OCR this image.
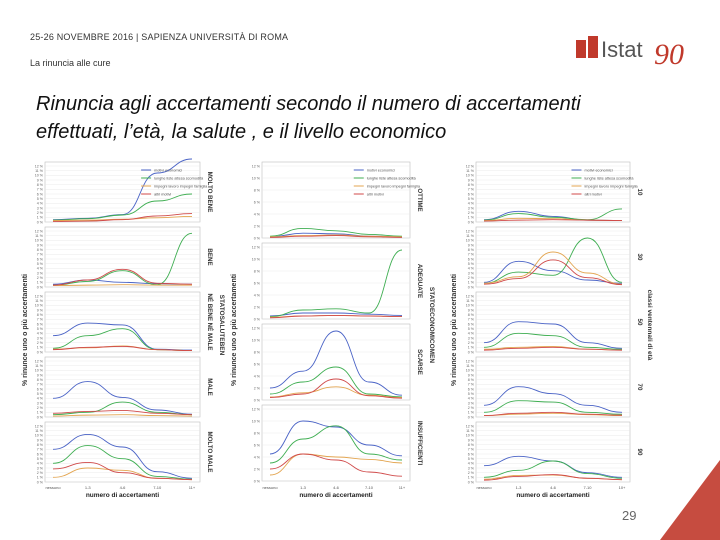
25-26 NOVEMBRE 2016 | SAPIENZA UNIVERSITÀ DI ROMA
La rinuncia alle cure
Istat 90
Rinuncia agli accertamenti secondo il numero di accertamenti
effettuati, l’età, la salute , e il livello economico
0 %
1 %
2 %
3 %
4 %
5 %
6 %
7 %
8 %
9 %
10 %
11 %
12 %
MOLTO BENE
motivi economici
lunghe liste attesa scomodità
impegni lavoro impegni famiglia
altri motivi
0 %
1 %
2 %
3 %
4 %
5 %
6 %
7 %
8 %
9 %
10 %
11 %
12 %
BENE
0 %
1 %
2 %
3 %
4 %
5 %
6 %
7 %
8 %
9 %
10 %
11 %
12 %	NÉ BENE NÉ MALE
0 %
1 %
2 %
3 %
4 %
5 %
6 %
7 %
8 %
9 %
10 %
11 %
12 %
MALE
0 %
1 %
2 %
3 %
4 %
5 %
6 %
7 %
8 %
9 %
10 %
11 %
12 %
MOLTO MALE
nessuno	1-3	4-6	7-10	11+
numero di accertamenti
% rinunce uno o più accertamenti	STATOSALUTEBEN
0 %
2 %
4 %
6 %
8 %
10 %
12 %
OTTIME
motivi economici
lunghe liste attesa scomodità
impegni lavoro impegni famiglia
altri motivi
0 %
2 %
4 %
6 %
8 %
10 %
12 %
ADEGUATE
0 %
2 %
4 %
6 %
8 %
10 %
12 %
SCARSE
0 %
2 %
4 %
6 %
8 %
10 %
12 %
INSUFFICIENTI
nessuno	1-3	4-6	7-10	11+
numero di accertamenti
% rinunce uno o più accertamenti	STATOECONOMICOMEN
0 %
1 %
2 %
3 %
4 %
5 %
6 %
7 %
8 %
9 %
10 %
11 %
12 %
10
motivi economici
lunghe liste attesa scomodità
impegni lavoro impegni famiglia
altri motivi
0 %
1 %
2 %
3 %
4 %
5 %
6 %
7 %
8 %
9 %
10 %
11 %
12 %
30
0 %
1 %
2 %
3 %
4 %
5 %
6 %
7 %
8 %
9 %
10 %
11 %
12 %
50
0 %
1 %
2 %
3 %
4 %
5 %
6 %
7 %
8 %
9 %
10 %
11 %
12 %
70
0 %
1 %
2 %
3 %
4 %
5 %
6 %
7 %
8 %
9 %
10 %
11 %
12 %
90
nessuno	1-3	4-6	7-10	10+
numero di accertamenti
% rinunce uno o più accertamenti	classi ventennali di età
29
